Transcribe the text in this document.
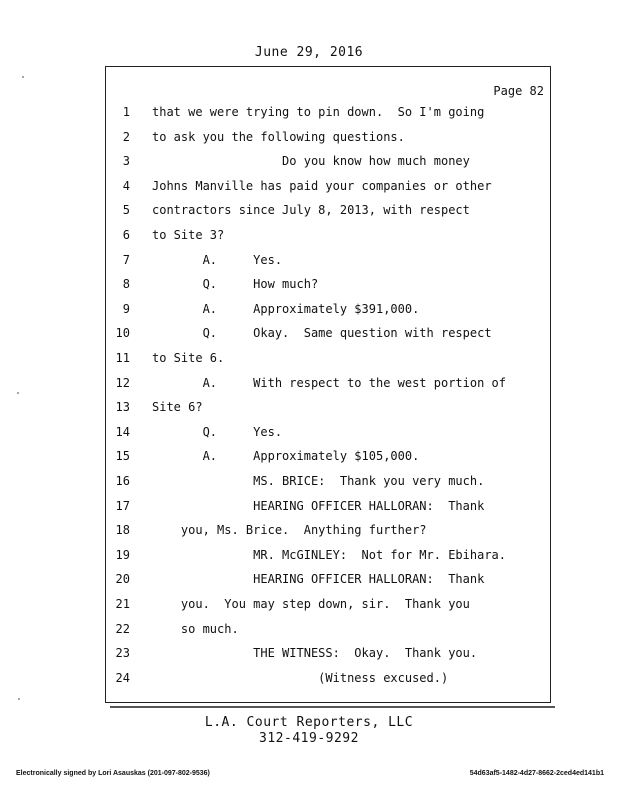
June 29, 2016
Page 82
1 that we were trying to pin down.  So I'm going
2 to ask you the following questions.
3 Do you know how much money
4 Johns Manville has paid your companies or other
5 contractors since July 8, 2013, with respect
6 to Site 3?
7 A.     Yes.
8 Q.     How much?
9 A.     Approximately $391,000.
10 Q.     Okay.  Same question with respect
11 to Site 6.
12 A.     With respect to the west portion of
13 Site 6?
14 Q.     Yes.
15 A.     Approximately $105,000.
16 MS. BRICE:  Thank you very much.
17 HEARING OFFICER HALLORAN:  Thank
18 you, Ms. Brice.  Anything further?
19 MR. McGINLEY:  Not for Mr. Ebihara.
20 HEARING OFFICER HALLORAN:  Thank
21 you.  You may step down, sir.  Thank you
22 so much.
23 THE WITNESS:  Okay.  Thank you.
24 (Witness excused.)
L.A. Court Reporters, LLC
312-419-9292
Electronically signed by Lori Asauskas (201-097-802-9536)	54d63af5-1482-4d27-8662-2ced4ed141b1
